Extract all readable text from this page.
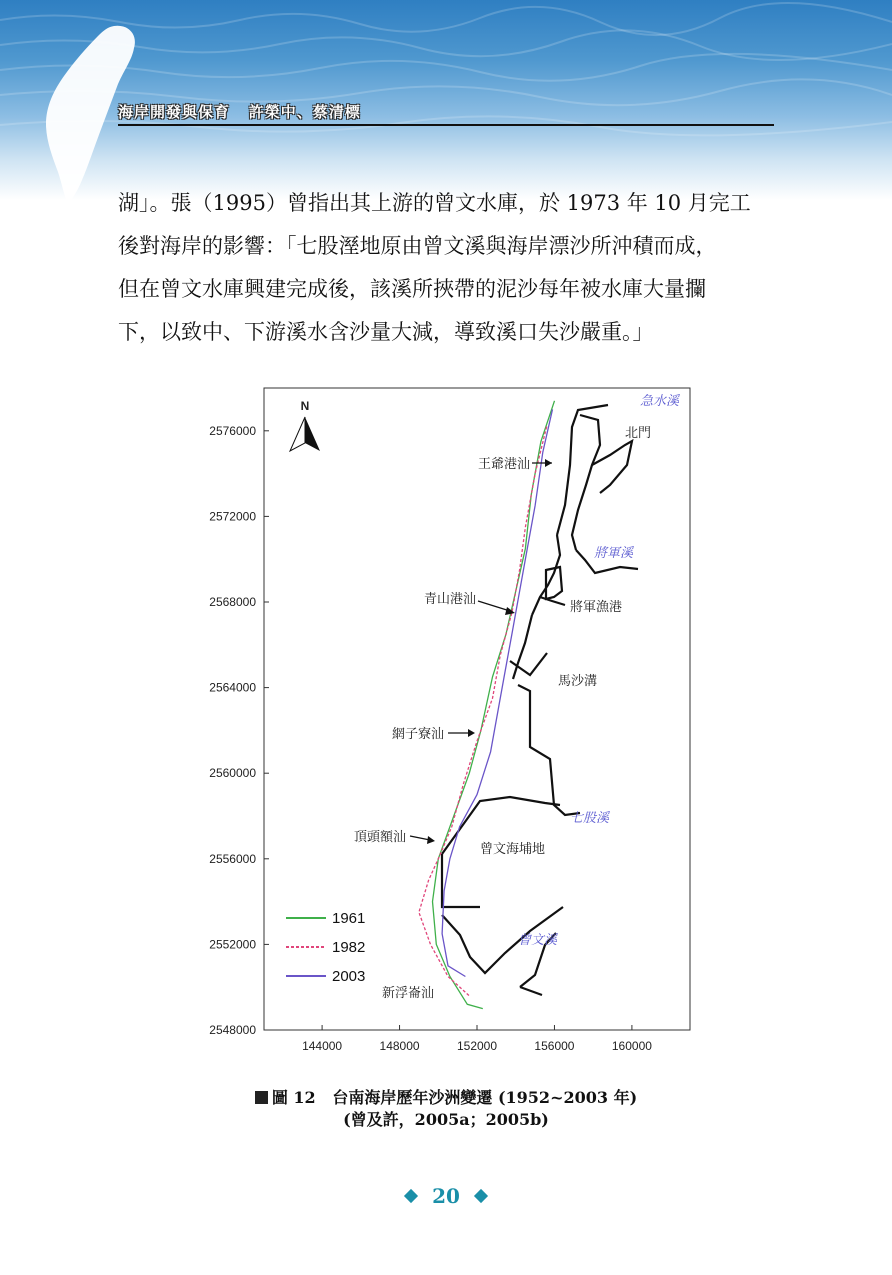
海岸開發與保育 許榮中、蔡清標
湖」。張（1995）曾指出其上游的曾文水庫，於 1973 年 10 月完工
後對海岸的影響：「七股溼地原由曾文溪與海岸漂沙所沖積而成，
但在曾文水庫興建完成後，該溪所挾帶的泥沙每年被水庫大量攔
下，以致中、下游溪水含沙量大減，導致溪口失沙嚴重。」
2548000
2552000
2556000
2560000
2564000
2568000
2572000
2576000
144000	148000	152000	156000	160000
N
王爺港汕
北門
急水溪
將軍溪
青山港汕
將軍漁港
馬沙溝
網子寮汕
七股溪
頂頭額汕
曾文海埔地
曾文溪
新浮崙汕
1961
1982
2003
圖 12 台南海岸歷年沙洲變遷 (1952~2003 年)
(曾及許，2005a；2005b)
20
